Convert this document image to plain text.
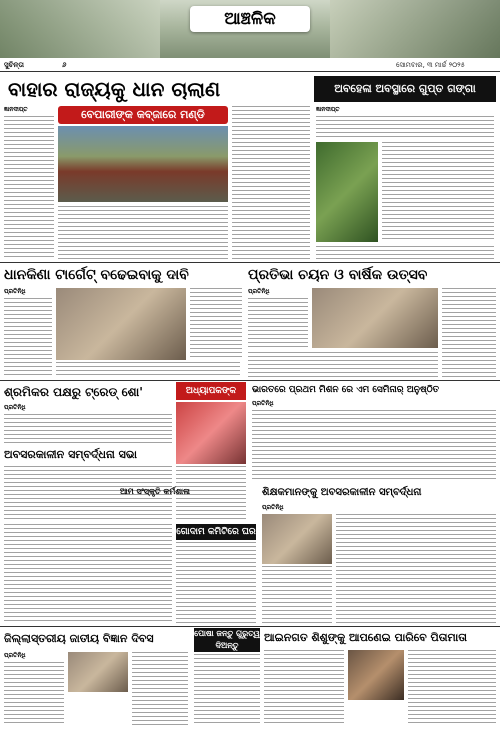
ଆଞ୍ଚଳିକ
ସୁଚିନ୍ତା	୬	ସୋମବାର, ୩ ମାର୍ଚ୍ଚ ୨୦୨୫
ବାହାର ରାଜ୍ୟକୁ ଧାନ ଚାଲାଣ
ଜ୍ଞାନଦୀପ୍ତ	ବେପାରୀଙ୍କ କବ୍ଜାରେ ମଣ୍ଡି
ଅବହେଳା ଅବସ୍ଥାରେ ଗୁପ୍ତ ଗଙ୍ଗା
ଜ୍ଞାନଦୀପ୍ତ
ଧାନକିଣା ଟାର୍ଗେଟ୍ ବଢେଇବାକୁ ଦାବି
ପ୍ରତିନିଧି
ପ୍ରତିଭା ଚୟନ ଓ ବାର୍ଷିକ ଉତ୍ସବ
ପ୍ରତିନିଧି
ଶ୍ରମିକର ପକ୍ଷରୁ ଟ୍ରେଡ୍ ଶୋ'
ପ୍ରତିନିଧି
ଅଧ୍ୟାପକଙ୍କ	ଭାରତରେ ପ୍ରଥମ ମିଶନ ରେ ଏମ ସେମିନାର୍ ଅନୁଷ୍ଠିତ
ପ୍ରତିନିଧି
ଅବସରକାଳୀନ ସମ୍ବର୍ଦ୍ଧନା ସଭା
ଆମ ସଂସ୍କୃତି କର୍ମଶାଳା
ଗୋଦାମ କମିଟିରେ ଘର
ଶିକ୍ଷକମାନଙ୍କୁ ଅବସରକାଳୀନ ସମ୍ବର୍ଦ୍ଧନା
ପ୍ରତିନିଧି
ଜିଲ୍ଲାସ୍ତରୀୟ ଜାତୀୟ ବିଜ୍ଞାନ ଦିବସ
ପ୍ରତିନିଧି
ପୋଷା ଜନ୍ତୁ ଗୁରୁତ୍ୱ ଦିଅନ୍ତୁ
ଆଇନଗତ ଶିଶୁଙ୍କୁ ଆପଣେଇ ପାରିବେ ପିତାମାତା
